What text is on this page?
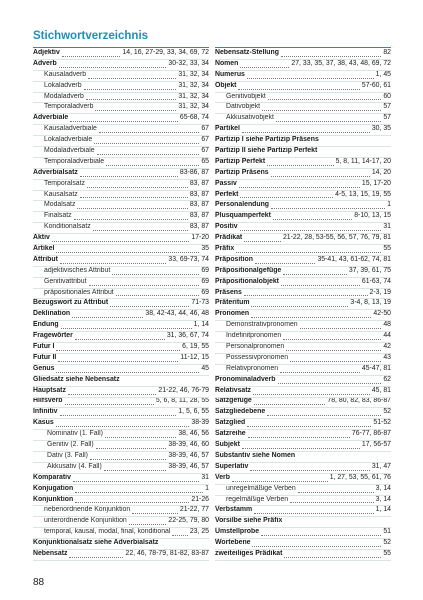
Stichwortverzeichnis
Adjektiv	14, 16, 27-29, 33, 34, 69, 72
Adverb	30-32, 33, 34
Kausaladverb	31, 32, 34
Lokaladverb	31, 32, 34
Modaladverb	31, 32, 34
Temporaladverb	31, 32, 34
Adverbiale	65-68, 74
Kausaladverbiale	67
Lokaladverbiale	67
Modaladverbiale	67
Temporaladverbiale	65
Adverbialsatz	83-86, 87
Temporalsatz	83, 87
Kausalsatz	83, 87
Modalsatz	83, 87
Finalsatz	83, 87
Konditionalsatz	83, 87
Aktiv	17-20
Artikel	35
Attribut	33, 69-73, 74
adjektivisches Attribut	69
Genitivattribut	69
präpositionales Attribut	69
Bezugswort zu Attribut	71-73
Deklination	38, 42-43, 44, 46, 48
Endung	1, 14
Fragewörter	31, 36, 67, 74
Futur I	6, 19, 55
Futur II	11-12, 15
Genus	45
Gliedsatz siehe Nebensatz
Hauptsatz	21-22, 46, 76-79
Hilfsverb	5, 6, 8, 11, 28, 55
Infinitiv	1, 5, 6, 55
Kasus	38-39
Nominativ (1. Fall)	38, 46, 56
Genitiv (2. Fall)	38-39, 46, 60
Dativ (3. Fall)	38-39, 46, 57
Akkusativ (4. Fall)	38-39, 46, 57
Komparativ	31
Konjugation	1
Konjunktion	21-26
nebenordnende Konjunktion	21-22, 77
unterordnende Konjunktion	22-25, 79, 80
temporal, kausal, modal, final, konditional	23, 25
Konjunktionalsatz siehe Adverbialsatz
Nebensatz	22, 46, 78-79, 81-82, 83-87
Nebensatz-Stellung	82
Nomen	27, 33, 35, 37, 38, 43, 48, 69, 72
Numerus	1, 45
Objekt	57-60, 61
Genitivobjekt	60
Dativobjekt	57
Akkusativobjekt	57
Partikel	30, 35
Partizip I siehe Partizip Präsens
Partizip II siehe Partizip Perfekt
Partizip Perfekt	5, 8, 11, 14-17, 20
Partizip Präsens	14, 20
Passiv	15, 17-20
Perfekt	4-5, 13, 15, 19, 55
Personalendung	1
Plusquamperfekt	8-10, 13, 15
Positiv	31
Prädikat	21-22, 28, 53-55, 56, 57, 76, 79, 81
Präfix	55
Präposition	35-41, 43, 61-62, 74, 81
Präpositionalgefüge	37, 39, 61, 75
Präpositionalobjekt	61-63, 74
Präsens	2-3, 19
Präteritum	3-4, 8, 13, 19
Pronomen	42-50
Demonstrativpronomen	48
Indefinitpronomen	44
Personalpronomen	42
Possessivpronomen	43
Relativpronomen	45-47, 81
Pronominaladverb	62
Relativsatz	45, 81
Satzgefüge	78, 80, 82, 83, 86-87
Satzgliedebene	52
Satzglied	51-52
Satzreihe	76-77, 86-87
Subjekt	17, 56-57
Substantiv siehe Nomen
Superlativ	31, 47
Verb	1, 27, 53, 55, 61, 76
unregelmäßige Verben	3, 14
regelmäßige Verben	3, 14
Verbstamm	1, 14
Vorsilbe siehe Präfix
Umstellprobe	51
Wortebene	52
zweiteiliges Prädikat	55
88
